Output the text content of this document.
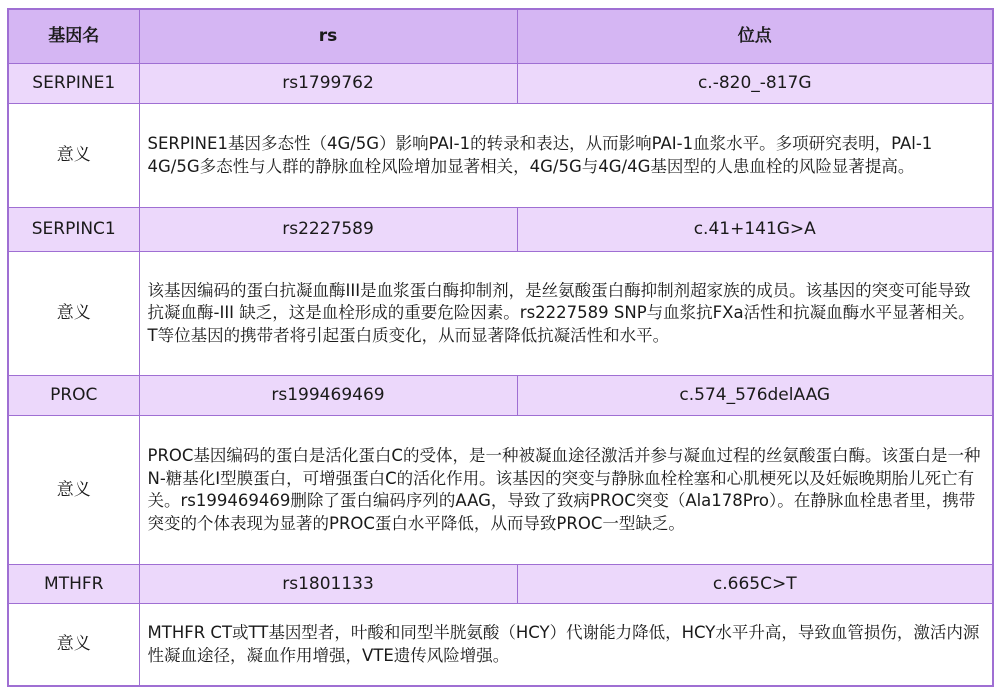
基因名	rs	位点
SERPINE1	rs1799762	c.-820_-817G
意义	SERPINE1基因多态性（4G/5G）影响PAI-1的转录和表达，从而影响PAI-1血浆水平。多项研究表明，PAl-1 4G/5G多态性与人群的静脉血栓风险增加显著相关，4G/5G与4G/4G基因型的人患血栓的风险显著提高。	
SERPINC1	rs2227589	c.41+141G>A
意义	该基因编码的蛋白抗凝血酶III是血浆蛋白酶抑制剂，是丝氨酸蛋白酶抑制剂超家族的成员。该基因的突变可能导致抗凝血酶-III 缺乏，这是血栓形成的重要危险因素。rs2227589 SNP与血浆抗FXa活性和抗凝血酶水平显著相关。T等位基因的携带者将引起蛋白质变化，从而显著降低抗凝活性和水平。	
PROC	rs199469469	c.574_576delAAG
意义	PROC基因编码的蛋白是活化蛋白C的受体，是一种被凝血途径激活并参与凝血过程的丝氨酸蛋白酶。该蛋白是一种N-糖基化I型膜蛋白，可增强蛋白C的活化作用。该基因的突变与静脉血栓栓塞和心肌梗死以及妊娠晚期胎儿死亡有关。rs199469469删除了蛋白编码序列的AAG，导致了致病PROC突变（Ala178Pro）。在静脉血栓患者里，携带突变的个体表现为显著的PROC蛋白水平降低，从而导致PROC一型缺乏。	
MTHFR	rs1801133	c.665C>T
意义	MTHFR CT或TT基因型者，叶酸和同型半胱氨酸（HCY）代谢能力降低，HCY水平升高，导致血管损伤，激活内源性凝血途径，凝血作用增强，VTE遗传风险增强。	
